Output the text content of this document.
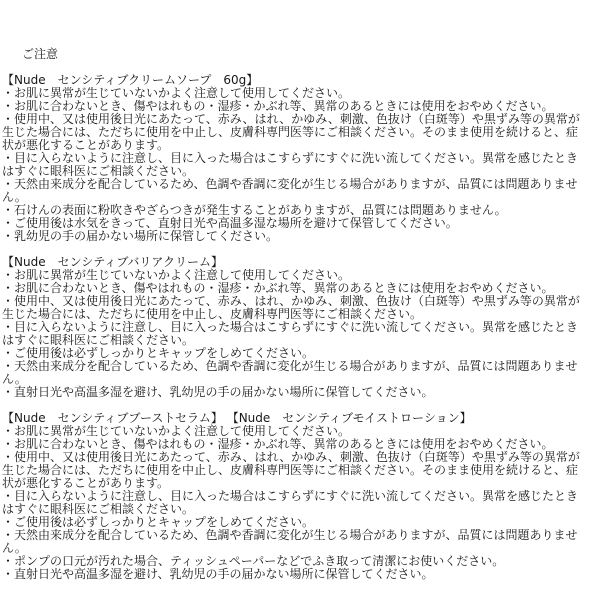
ご注意
【Nude　センシティブクリームソープ　60g】
・お肌に異常が生じていないかよく注意して使用してください。
・お肌に合わないとき、傷やはれもの・湿疹・かぶれ等、異常のあるときには使用をおやめください。
・使用中、又は使用後日光にあたって、赤み、はれ、かゆみ、刺激、色抜け（白斑等）や黒ずみ等の異常が生じた場合には、ただちに使用を中止し、皮膚科専門医等にご相談ください。そのまま使用を続けると、症状が悪化することがあります。
・目に入らないように注意し、目に入った場合はこすらずにすぐに洗い流してください。異常を感じたときはすぐに眼科医にご相談ください。
・天然由来成分を配合しているため、色調や香調に変化が生じる場合がありますが、品質には問題ありません。
・石けんの表面に粉吹きやざらつきが発生することがありますが、品質には問題ありません。
・ご使用後は水気をきって、直射日光や高温多湿な場所を避けて保管してください。
・乳幼児の手の届かない場所に保管してください。
【Nude　センシティブバリアクリーム】
・お肌に異常が生じていないかよく注意して使用してください。
・お肌に合わないとき、傷やはれもの・湿疹・かぶれ等、異常のあるときには使用をおやめください。
・使用中、又は使用後日光にあたって、赤み、はれ、かゆみ、刺激、色抜け（白斑等）や黒ずみ等の異常が生じた場合には、ただちに使用を中止し、皮膚科専門医等にご相談ください。
・目に入らないように注意し、目に入った場合はこすらずにすぐに洗い流してください。異常を感じたときはすぐに眼科医にご相談ください。
・ご使用後は必ずしっかりとキャップをしめてください。
・天然由来成分を配合しているため、色調や香調に変化が生じる場合がありますが、品質には問題ありません。
・直射日光や高温多湿を避け、乳幼児の手の届かない場所に保管してください。
【Nude　センシティブブーストセラム】 【Nude　センシティブモイストローション】
・お肌に異常が生じていないかよく注意して使用してください。
・お肌に合わないとき、傷やはれもの・湿疹・かぶれ等、異常のあるときには使用をおやめください。
・使用中、又は使用後日光にあたって、赤み、はれ、かゆみ、刺激、色抜け（白斑等）や黒ずみ等の異常が生じた場合には、ただちに使用を中止し、皮膚科専門医等にご相談ください。そのまま使用を続けると、症状が悪化することがあります。
・目に入らないように注意し、目に入った場合はこすらずにすぐに洗い流してください。異常を感じたときはすぐに眼科医にご相談ください。
・ご使用後は必ずしっかりとキャップをしめてください。
・天然由来成分を配合しているため、色調や香調に変化が生じる場合がありますが、品質には問題ありません。
・ポンプの口元が汚れた場合、ティッシュペーパーなどでふき取って清潔にお使いください。
・直射日光や高温多湿を避け、乳幼児の手の届かない場所に保管してください。
